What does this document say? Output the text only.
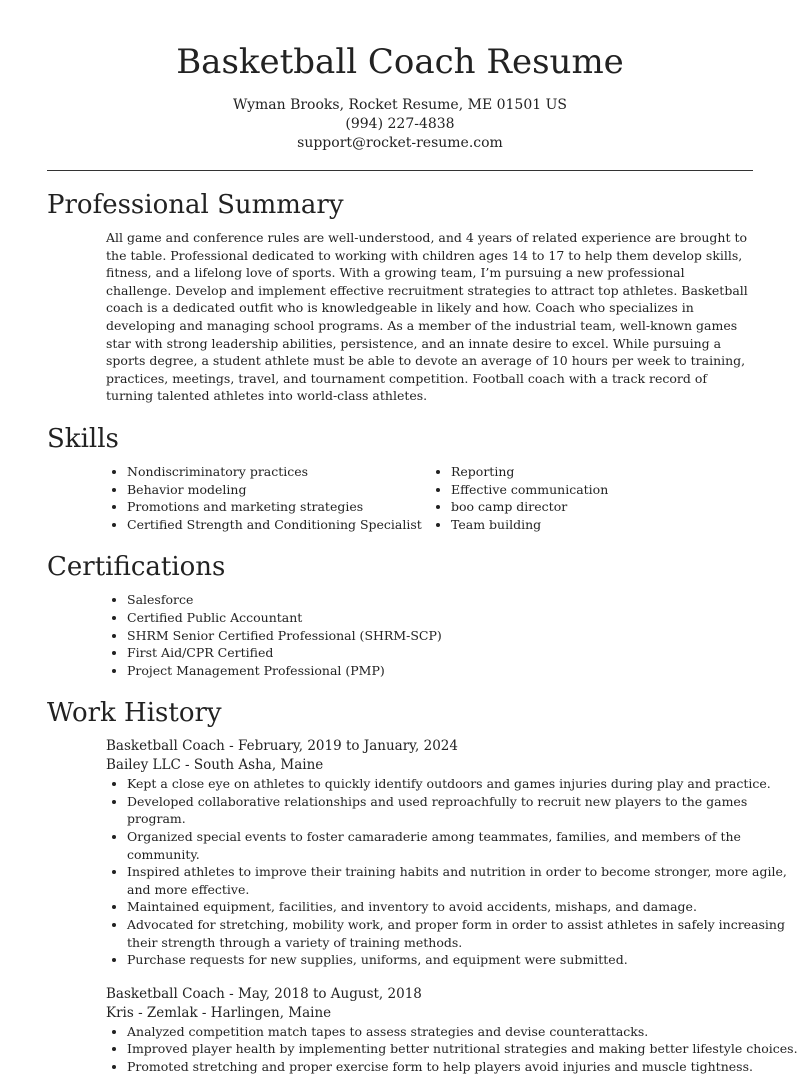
Basketball Coach Resume
Wyman Brooks, Rocket Resume, ME 01501 US
(994) 227-4838
support@rocket-resume.com
Professional Summary

All game and conference rules are well-understood, and 4 years of related experience are brought to the table. Professional dedicated to working with children ages 14 to 17 to help them develop skills, fitness, and a lifelong love of sports. With a growing team, I’m pursuing a new professional challenge. Develop and implement effective recruitment strategies to attract top athletes. Basketball coach is a dedicated outfit who is knowledgeable in likely and how. Coach who specializes in developing and managing school programs. As a member of the industrial team, well-known games star with strong leadership abilities, persistence, and an innate desire to excel. While pursuing a sports degree, a student athlete must be able to devote an average of 10 hours per week to training, practices, meetings, travel, and tournament competition. Football coach with a track record of turning talented athletes into world-class athletes.

Skills
• Nondiscriminatory practices
• Behavior modeling
• Promotions and marketing strategies
• Certified Strength and Conditioning Specialist
• Reporting
• Effective communication
• boo camp director
• Team building
Certifications
• Salesforce
• Certified Public Accountant
• SHRM Senior Certified Professional (SHRM-SCP)
• First Aid/CPR Certified
• Project Management Professional (PMP)
Work History
Basketball Coach - February, 2019 to January, 2024
Bailey LLC - South Asha, Maine
• Kept a close eye on athletes to quickly identify outdoors and games injuries during play and practice.
• Developed collaborative relationships and used reproachfully to recruit new players to the games program.
• Organized special events to foster camaraderie among teammates, families, and members of the community.
• Inspired athletes to improve their training habits and nutrition in order to become stronger, more agile, and more effective.
• Maintained equipment, facilities, and inventory to avoid accidents, mishaps, and damage.
• Advocated for stretching, mobility work, and proper form in order to assist athletes in safely increasing their strength through a variety of training methods.
• Purchase requests for new supplies, uniforms, and equipment were submitted.
Basketball Coach - May, 2018 to August, 2018
Kris - Zemlak - Harlingen, Maine
• Analyzed competition match tapes to assess strategies and devise counterattacks.
• Improved player health by implementing better nutritional strategies and making better lifestyle choices.
• Promoted stretching and proper exercise form to help players avoid injuries and muscle tightness.
